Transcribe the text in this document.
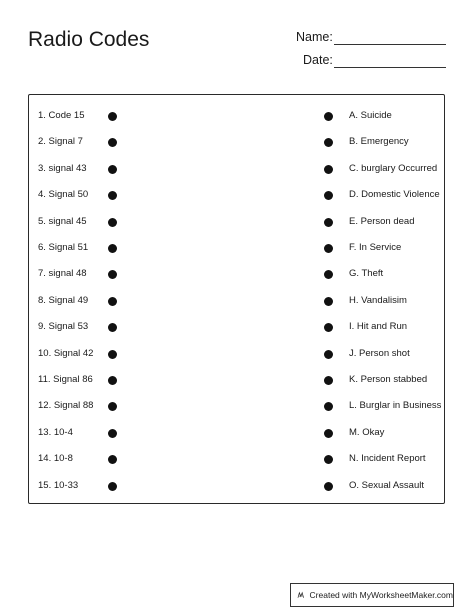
Radio Codes	Name:
Date:
1. Code 15	A. Suicide
2. Signal 7	B. Emergency
3. signal 43	C. burglary Occurred
4. Signal 50	D. Domestic Violence
5. signal 45	E. Person dead
6. Signal 51	F. In Service
7. signal 48	G. Theft
8. Signal 49	H. Vandalisim
9. Signal 53	I. Hit and Run
10. Signal 42	J. Person shot
11. Signal 86	K. Person stabbed
12. Signal 88	L. Burglar in Business
13. 10-4	M. Okay
14. 10-8	N. Incident Report
15. 10-33	O. Sexual Assault
Created with MyWorksheetMaker.com
